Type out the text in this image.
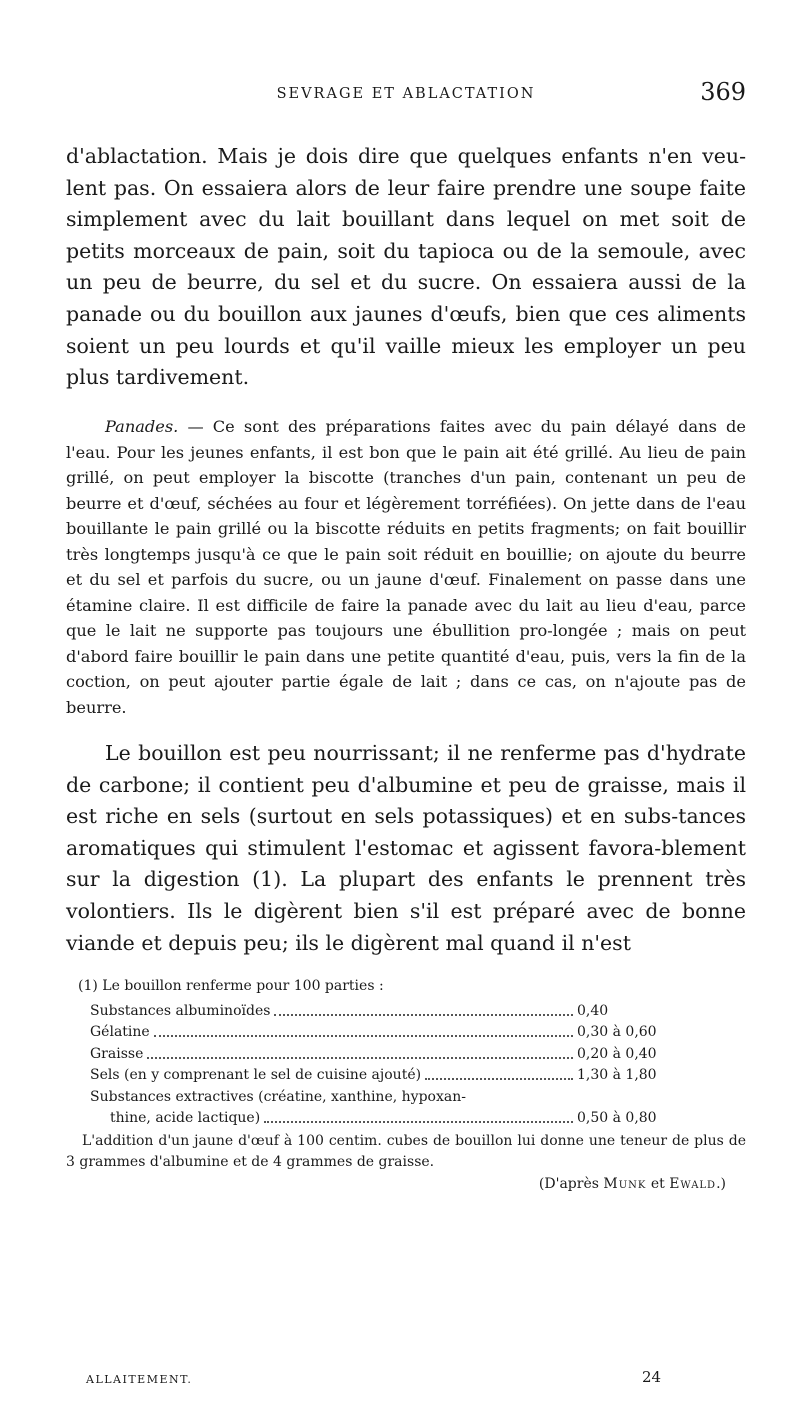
SEVRAGE ET ABLACTATION	369

d'ablactation. Mais je dois dire que quelques enfants n'en veu-lent pas. On essaiera alors de leur faire prendre une soupe faite simplement avec du lait bouillant dans lequel on met soit de petits morceaux de pain, soit du tapioca ou de la semoule, avec un peu de beurre, du sel et du sucre. On essaiera aussi de la panade ou du bouillon aux jaunes d'œufs, bien que ces aliments soient un peu lourds et qu'il vaille mieux les employer un peu plus tardivement.

Panades. — Ce sont des préparations faites avec du pain délayé dans de l'eau. Pour les jeunes enfants, il est bon que le pain ait été grillé. Au lieu de pain grillé, on peut employer la biscotte (tranches d'un pain, contenant un peu de beurre et d'œuf, séchées au four et légèrement torréfiées). On jette dans de l'eau bouillante le pain grillé ou la biscotte réduits en petits fragments; on fait bouillir très longtemps jusqu'à ce que le pain soit réduit en bouillie; on ajoute du beurre et du sel et parfois du sucre, ou un jaune d'œuf. Finalement on passe dans une étamine claire. Il est difficile de faire la panade avec du lait au lieu d'eau, parce que le lait ne supporte pas toujours une ébullition pro-longée ; mais on peut d'abord faire bouillir le pain dans une petite quantité d'eau, puis, vers la fin de la coction, on peut ajouter partie égale de lait ; dans ce cas, on n'ajoute pas de beurre.

Le bouillon est peu nourrissant; il ne renferme pas d'hydrate de carbone; il contient peu d'albumine et peu de graisse, mais il est riche en sels (surtout en sels potassiques) et en subs-tances aromatiques qui stimulent l'estomac et agissent favora-blement sur la digestion (1). La plupart des enfants le prennent très volontiers. Ils le digèrent bien s'il est préparé avec de bonne viande et depuis peu; ils le digèrent mal quand il n'est

(1) Le bouillon renferme pour 100 parties :
Substances albuminoïdes	0,40
Gélatine	0,30 à 0,60
Graisse	0,20 à 0,40
Sels (en y comprenant le sel de cuisine ajouté)	1,30 à 1,80
Substances extractives (créatine, xanthine, hypoxan-
thine, acide lactique)	0,50 à 0,80

L'addition d'un jaune d'œuf à 100 centim. cubes de bouillon lui donne une teneur de plus de 3 grammes d'albumine et de 4 grammes de graisse.

(D'après Munk et Ewald.)
ALLAITEMENT.	24
